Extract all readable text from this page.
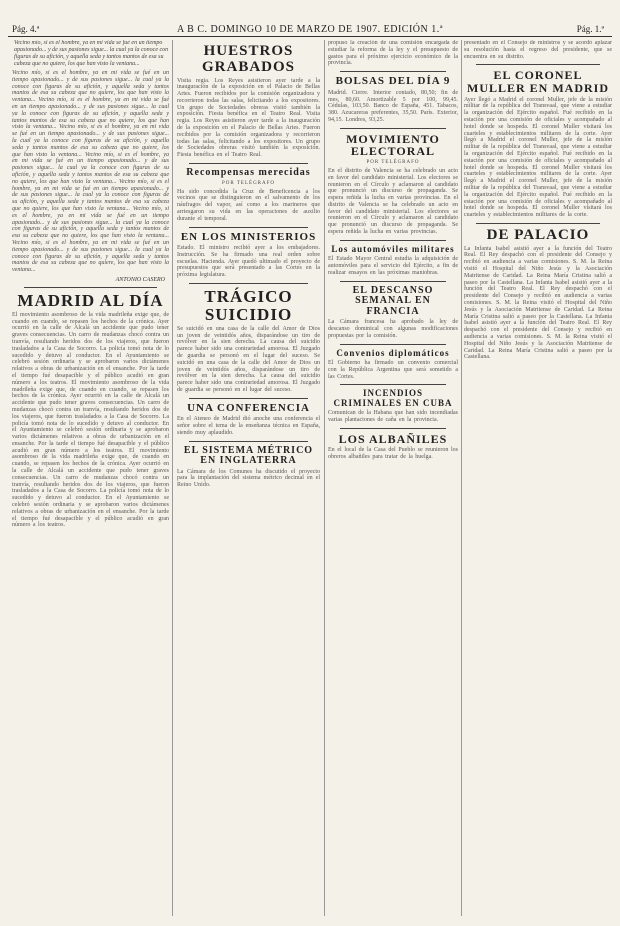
Pág. 4.ª	A B C. DOMINGO 10 DE MARZO DE 1907. EDICIÓN 1.ª	Pág. 1.ª
Vecino mío, si es el hombre, ya en mi vida se fué en un tiempo apasionado... y de sus pasiones sigue... la cual ya la conoce con figuras de su afición, y aquella seda y tantos mantos de esa su cabeza que no quiere, los que han visto la ventana...
Vecino mío, si es el hombre, ya en mi vida se fué en un tiempo apasionado... y de sus pasiones sigue... la cual ya la conoce con figuras de su afición, y aquella seda y tantos mantos de esa su cabeza que no quiere, los que han visto la ventana... Vecino mío, si es el hombre, ya en mi vida se fué en un tiempo apasionado... y de sus pasiones sigue... la cual ya la conoce con figuras de su afición, y aquella seda y tantos mantos de esa su cabeza que no quiere, los que han visto la ventana... Vecino mío, si es el hombre, ya en mi vida se fué en un tiempo apasionado... y de sus pasiones sigue... la cual ya la conoce con figuras de su afición, y aquella seda y tantos mantos de esa su cabeza que no quiere, los que han visto la ventana... Vecino mío, si es el hombre, ya en mi vida se fué en un tiempo apasionado... y de sus pasiones sigue... la cual ya la conoce con figuras de su afición, y aquella seda y tantos mantos de esa su cabeza que no quiere, los que han visto la ventana... Vecino mío, si es el hombre, ya en mi vida se fué en un tiempo apasionado... y de sus pasiones sigue... la cual ya la conoce con figuras de su afición, y aquella seda y tantos mantos de esa su cabeza que no quiere, los que han visto la ventana... Vecino mío, si es el hombre, ya en mi vida se fué en un tiempo apasionado... y de sus pasiones sigue... la cual ya la conoce con figuras de su afición, y aquella seda y tantos mantos de esa su cabeza que no quiere, los que han visto la ventana... Vecino mío, si es el hombre, ya en mi vida se fué en un tiempo apasionado... y de sus pasiones sigue... la cual ya la conoce con figuras de su afición, y aquella seda y tantos mantos de esa su cabeza que no quiere, los que han visto la ventana...
ANTONIO CASERO
MADRID AL DÍA
El movimiento asombroso de la vida madrileña exige que, de cuando en cuando, se repasen los hechos de la crónica. Ayer ocurrió en la calle de Alcalá un accidente que pudo tener graves consecuencias. Un carro de mudanzas chocó contra un tranvía, resultando heridos dos de los viajeros, que fueron trasladados a la Casa de Socorro. La policía tomó nota de lo sucedido y detuvo al conductor. En el Ayuntamiento se celebró sesión ordinaria y se aprobaron varios dictámenes relativos a obras de urbanización en el ensanche. Por la tarde el tiempo fué desapacible y el público acudió en gran número a los teatros. El movimiento asombroso de la vida madrileña exige que, de cuando en cuando, se repasen los hechos de la crónica. Ayer ocurrió en la calle de Alcalá un accidente que pudo tener graves consecuencias. Un carro de mudanzas chocó contra un tranvía, resultando heridos dos de los viajeros, que fueron trasladados a la Casa de Socorro. La policía tomó nota de lo sucedido y detuvo al conductor. En el Ayuntamiento se celebró sesión ordinaria y se aprobaron varios dictámenes relativos a obras de urbanización en el ensanche. Por la tarde el tiempo fué desapacible y el público acudió en gran número a los teatros. El movimiento asombroso de la vida madrileña exige que, de cuando en cuando, se repasen los hechos de la crónica. Ayer ocurrió en la calle de Alcalá un accidente que pudo tener graves consecuencias. Un carro de mudanzas chocó contra un tranvía, resultando heridos dos de los viajeros, que fueron trasladados a la Casa de Socorro. La policía tomó nota de lo sucedido y detuvo al conductor. En el Ayuntamiento se celebró sesión ordinaria y se aprobaron varios dictámenes relativos a obras de urbanización en el ensanche. Por la tarde el tiempo fué desapacible y el público acudió en gran número a los teatros.
HUESTROS GRABADOS
Visita regia. Los Reyes asistieron ayer tarde a la inauguración de la exposición en el Palacio de Bellas Artes. Fueron recibidos por la comisión organizadora y recorrieron todas las salas, felicitando a los expositores. Un grupo de Sociedades obreras visitó también la exposición. Fiesta benéfica en el Teatro Real. Visita regia. Los Reyes asistieron ayer tarde a la inauguración de la exposición en el Palacio de Bellas Artes. Fueron recibidos por la comisión organizadora y recorrieron todas las salas, felicitando a los expositores. Un grupo de Sociedades obreras visitó también la exposición. Fiesta benéfica en el Teatro Real.
Recompensas merecidas
POR TELÉGRAFO
Ha sido concedida la Cruz de Beneficencia a los vecinos que se distinguieron en el salvamento de los náufragos del vapor, así como a los marineros que arriesgaron su vida en las operaciones de auxilio durante el temporal.
EN LOS MINISTERIOS
Estado. El ministro recibió ayer a los embajadores. Instrucción. Se ha firmado una real orden sobre escuelas. Hacienda. Ayer quedó ultimado el proyecto de presupuestos que será presentado a las Cortes en la próxima legislatura.
TRÁGICO SUICIDIO
Se suicidó en una casa de la calle del Amor de Dios un joven de veintidós años, disparándose un tiro de revólver en la sien derecha. La causa del suicidio parece haber sido una contrariedad amorosa. El Juzgado de guardia se personó en el lugar del suceso. Se suicidó en una casa de la calle del Amor de Dios un joven de veintidós años, disparándose un tiro de revólver en la sien derecha. La causa del suicidio parece haber sido una contrariedad amorosa. El Juzgado de guardia se personó en el lugar del suceso.
UNA CONFERENCIA
En el Ateneo de Madrid dió anoche una conferencia el señor sobre el tema de la enseñanza técnica en España, siendo muy aplaudido.
EL SISTEMA MÉTRICO EN INGLATERRA
La Cámara de los Comunes ha discutido el proyecto para la implantación del sistema métrico decimal en el Reino Unido.
propuso la creación de una comisión encargada de estudiar la reforma de la ley y el presupuesto de gastos para el próximo ejercicio económico de la provincia.
BOLSAS DEL DÍA 9
Madrid. Cierre. Interior contado, 80,50; fin de mes, 80,60. Amortizable 5 por 100, 99,45. Cédulas, 103,50. Banco de España, 451. Tabacos, 380. Azucareras preferentes, 35,50. París. Exterior, 94,15. Londres, 93,25.
MOVIMIENTO ELECTORAL
POR TELÉGRAFO
En el distrito de Valencia se ha celebrado un acto en favor del candidato ministerial. Los electores se reunieron en el Círculo y aclamaron al candidato que pronunció un discurso de propaganda. Se espera reñida la lucha en varias provincias. En el distrito de Valencia se ha celebrado un acto en favor del candidato ministerial. Los electores se reunieron en el Círculo y aclamaron al candidato que pronunció un discurso de propaganda. Se espera reñida la lucha en varias provincias.
Los automóviles militares
El Estado Mayor Central estudia la adquisición de automóviles para el servicio del Ejército, a fin de realizar ensayos en las próximas maniobras.
EL DESCANSO SEMANAL EN FRANCIA
La Cámara francesa ha aprobado la ley de descanso dominical con algunas modificaciones propuestas por la comisión.
Convenios diplomáticos
El Gobierno ha firmado un convenio comercial con la República Argentina que será sometido a las Cortes.
INCENDIOS CRIMINALES EN CUBA
Comunican de la Habana que han sido incendiadas varias plantaciones de caña en la provincia.
LOS ALBAÑILES
En el local de la Casa del Pueblo se reunieron los obreros albañiles para tratar de la huelga.
presentado en el Consejo de ministros y se acordó aplazar su resolución hasta el regreso del presidente, que se encuentra en su distrito.
EL CORONEL MULLER EN MADRID
Ayer llegó a Madrid el coronel Muller, jefe de la misión militar de la república del Transvaal, que viene a estudiar la organización del Ejército español. Fué recibido en la estación por una comisión de oficiales y acompañado al hotel donde se hospeda. El coronel Muller visitará los cuarteles y establecimientos militares de la corte. Ayer llegó a Madrid el coronel Muller, jefe de la misión militar de la república del Transvaal, que viene a estudiar la organización del Ejército español. Fué recibido en la estación por una comisión de oficiales y acompañado al hotel donde se hospeda. El coronel Muller visitará los cuarteles y establecimientos militares de la corte. Ayer llegó a Madrid el coronel Muller, jefe de la misión militar de la república del Transvaal, que viene a estudiar la organización del Ejército español. Fué recibido en la estación por una comisión de oficiales y acompañado al hotel donde se hospeda. El coronel Muller visitará los cuarteles y establecimientos militares de la corte.
DE PALACIO
La Infanta Isabel asistió ayer a la función del Teatro Real. El Rey despachó con el presidente del Consejo y recibió en audiencia a varias comisiones. S. M. la Reina visitó el Hospital del Niño Jesús y la Asociación Matritense de Caridad. La Reina María Cristina salió a paseo por la Castellana. La Infanta Isabel asistió ayer a la función del Teatro Real. El Rey despachó con el presidente del Consejo y recibió en audiencia a varias comisiones. S. M. la Reina visitó el Hospital del Niño Jesús y la Asociación Matritense de Caridad. La Reina María Cristina salió a paseo por la Castellana. La Infanta Isabel asistió ayer a la función del Teatro Real. El Rey despachó con el presidente del Consejo y recibió en audiencia a varias comisiones. S. M. la Reina visitó el Hospital del Niño Jesús y la Asociación Matritense de Caridad. La Reina María Cristina salió a paseo por la Castellana.
